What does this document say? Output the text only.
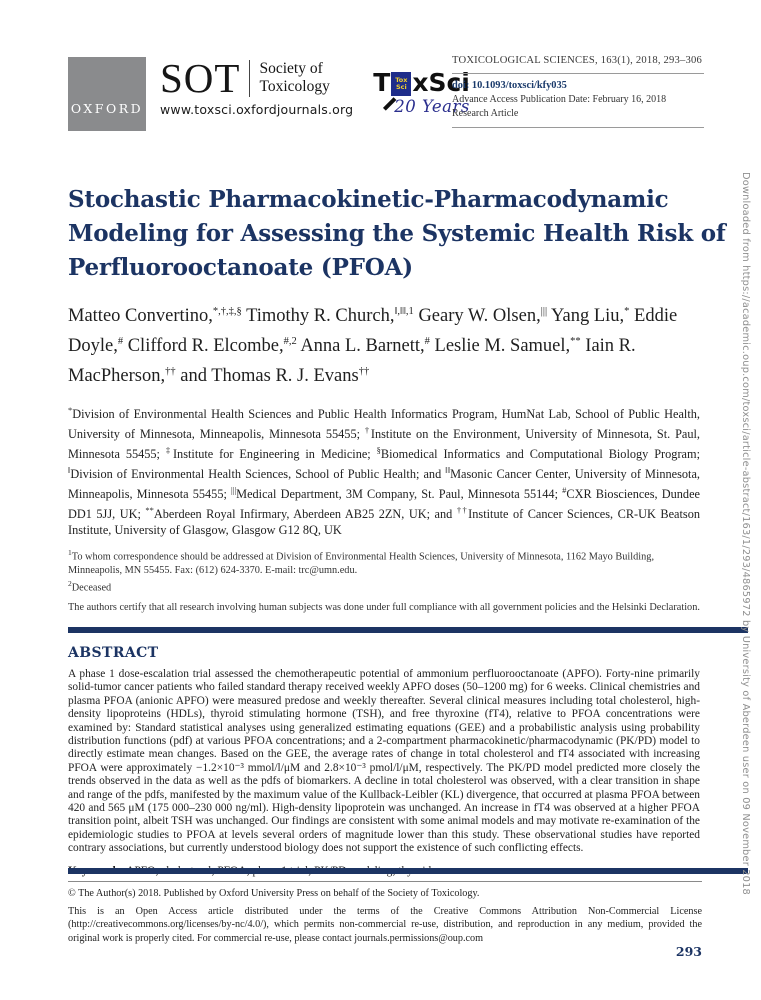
OXFORD
SOT Society of
Toxicology
www.toxsci.oxfordjournals.org
T Tox
Sci xSci
20 Years
TOXICOLOGICAL SCIENCES, 163(1), 2018, 293–306
doi: 10.1093/toxsci/kfy035
Advance Access Publication Date: February 16, 2018
Research Article
Stochastic Pharmacokinetic-Pharmacodynamic Modeling for Assessing the Systemic Health Risk of Perfluorooctanoate (PFOA)
Matteo Convertino,*,†,‡,§ Timothy R. Church,$^{‖,‖‖,1}$ Geary W. Olsen,||| Yang Liu,* Eddie Doyle,# Clifford R. Elcombe,$^{\#,2}$ Anna L. Barnett,# Leslie M. Samuel,** Iain R. MacPherson,†† and Thomas R. J. Evans††
*Division of Environmental Health Sciences and Public Health Informatics Program, HumNat Lab, School of Public Health, University of Minnesota, Minneapolis, Minnesota 55455; †Institute on the Environment, University of Minnesota, St. Paul, Minnesota 55455; ‡Institute for Engineering in Medicine; §Biomedical Informatics and Computational Biology Program; ‖Division of Environmental Health Sciences, School of Public Health; and ‖‖Masonic Cancer Center, University of Minnesota, Minneapolis, Minnesota 55455; |||Medical Department, 3M Company, St. Paul, Minnesota 55144; #CXR Biosciences, Dundee DD1 5JJ, UK; **Aberdeen Royal Infirmary, Aberdeen AB25 2ZN, UK; and ††Institute of Cancer Sciences, CR-UK Beatson Institute, University of Glasgow, Glasgow G12 8Q, UK
$^1$To whom correspondence should be addressed at Division of Environmental Health Sciences, University of Minnesota, 1162 Mayo Building, Minneapolis, MN 55455. Fax: (612) 624-3370. E-mail: trc@umn.edu.
$^2$Deceased
The authors certify that all research involving human subjects was done under full compliance with all government policies and the Helsinki Declaration.
ABSTRACT
A phase 1 dose-escalation trial assessed the chemotherapeutic potential of ammonium perfluorooctanoate (APFO). Forty-nine primarily solid-tumor cancer patients who failed standard therapy received weekly APFO doses (50–1200 mg) for 6 weeks. Clinical chemistries and plasma PFOA (anionic APFO) were measured predose and weekly thereafter. Several clinical measures including total cholesterol, high-density lipoproteins (HDLs), thyroid stimulating hormone (TSH), and free thyroxine (fT4), relative to PFOA concentrations were examined by: Standard statistical analyses using generalized estimating equations (GEE) and a probabilistic analysis using probability distribution functions (pdf) at various PFOA concentrations; and a 2-compartment pharmacokinetic/pharmacodynamic (PK/PD) model to directly estimate mean changes. Based on the GEE, the average rates of change in total cholesterol and fT4 associated with increasing PFOA were approximately −1.2×10⁻³ mmol/l/μM and 2.8×10⁻³ pmol/l/μM, respectively. The PK/PD model predicted more closely the trends observed in the data as well as the pdfs of biomarkers. A decline in total cholesterol was observed, with a clear transition in shape and range of the pdfs, manifested by the maximum value of the Kullback-Leibler (KL) divergence, that occurred at plasma PFOA between 420 and 565 μM (175 000–230 000 ng/ml). High-density lipoprotein was unchanged. An increase in fT4 was observed at a higher PFOA transition point, albeit TSH was unchanged. Our findings are consistent with some animal models and may motivate re-examination of the epidemiologic studies to PFOA at levels several orders of magnitude lower than this study. These observational studies have reported contrary associations, but currently understood biology does not support the existence of such conflicting effects.
© The Author(s) 2018. Published by Oxford University Press on behalf of the Society of Toxicology.
This is an Open Access article distributed under the terms of the Creative Commons Attribution Non-Commercial License (http://creativecommons.org/licenses/by-nc/4.0/), which permits non-commercial re-use, distribution, and reproduction in any medium, provided the original work is properly cited. For commercial re-use, please contact journals.permissions@oup.com
293
Downloaded from https://academic.oup.com/toxsci/article-abstract/163/1/293/4865972 by University of Aberdeen user on 09 November 2018
